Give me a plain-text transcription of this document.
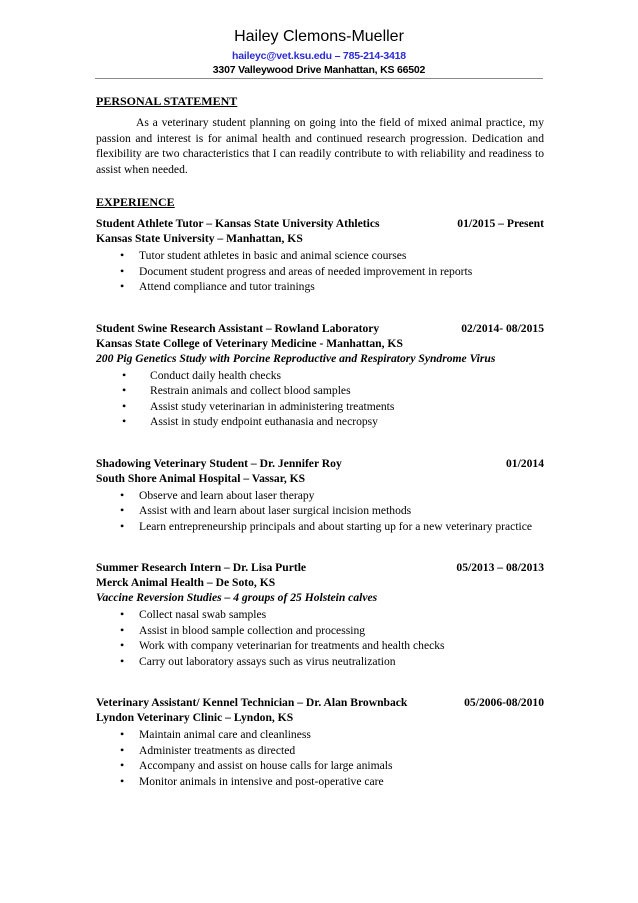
Hailey Clemons-Mueller
haileyc@vet.ksu.edu – 785-214-3418
3307 Valleywood Drive Manhattan, KS 66502
PERSONAL STATEMENT

As a veterinary student planning on going into the field of mixed animal practice, my passion and interest is for animal health and continued research progression. Dedication and flexibility are two characteristics that I can readily contribute to with reliability and readiness to assist when needed.

EXPERIENCE
Student Athlete Tutor – Kansas State University Athletics	01/2015 – Present
Kansas State University – Manhattan, KS
• Tutor student athletes in basic and animal science courses
• Document student progress and areas of needed improvement in reports
• Attend compliance and tutor trainings
Student Swine Research Assistant – Rowland Laboratory	02/2014- 08/2015
Kansas State College of Veterinary Medicine - Manhattan, KS
200 Pig Genetics Study with Porcine Reproductive and Respiratory Syndrome Virus
• Conduct daily health checks
• Restrain animals and collect blood samples
• Assist study veterinarian in administering treatments
• Assist in study endpoint euthanasia and necropsy
Shadowing Veterinary Student – Dr. Jennifer Roy	01/2014
South Shore Animal Hospital – Vassar, KS
• Observe and learn about laser therapy
• Assist with and learn about laser surgical incision methods
• Learn entrepreneurship principals and about starting up for a new veterinary practice
Summer Research Intern – Dr. Lisa Purtle	05/2013 – 08/2013
Merck Animal Health – De Soto, KS
Vaccine Reversion Studies – 4 groups of 25 Holstein calves
• Collect nasal swab samples
• Assist in blood sample collection and processing
• Work with company veterinarian for treatments and health checks
• Carry out laboratory assays such as virus neutralization
Veterinary Assistant/ Kennel Technician – Dr. Alan Brownback	05/2006-08/2010
Lyndon Veterinary Clinic – Lyndon, KS
• Maintain animal care and cleanliness
• Administer treatments as directed
• Accompany and assist on house calls for large animals
• Monitor animals in intensive and post-operative care
